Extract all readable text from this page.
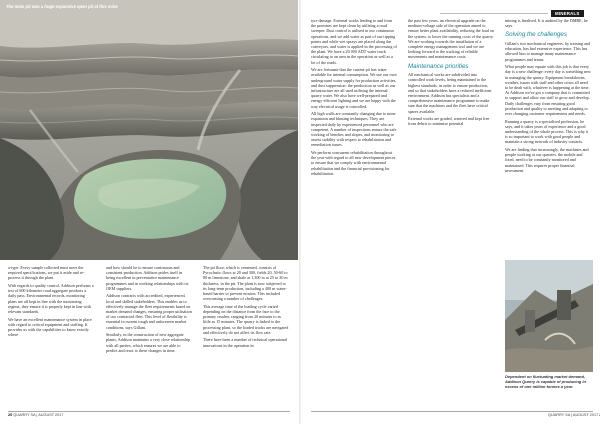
The mine pit was a huge expansive open pit at this mine

a-type. Every sample collected must meet the required specifications, we put it aside and re-process it through the plant.

With regards to quality control, Addison performs a test of 600 kilometre road aggregate products a daily pass. Environmental records, monitoring plans are all kept in line with the monitoring regime, they ensure it is properly kept in line with relevant standards.

We have an excellent maintenance system in place with regard to critical equipment and staffing. It provides us with the capabilities to know exactly where

and how should be to ensure continuous and consistent production. Addison prides itself in being excellent in preventative maintenance programmes and in working relationships with its OEM suppliers.

Addison contracts with accredited, experienced, local and skilled stakeholders. This enables us to effectively manage the fleet requirements based on market demand changes, ensuring proper utilisation of our contracted fleet. This level of flexibility is essential in current tough and unforeseen market conditions, says Gillam.

Similarly, in the construction of new aggregate plants, Addison maintains a very close relationship with all parties, which ensures we are able to predict and react to these changes in time.

The pit floor, which is cemented, consists of Pyroclastic flows at 20 and 300, fields 20, 50-60 to 80 m limestone, and shale at 1,300 m at 25 to 30 m thickness, in the pit. The plant is now subjected to its long-term production, including a 400 m water-based barrier to prevent erosion. This included overcoming a number of challenges.

This average time of the loading cycle varied depending on the distance from the face to the primary crusher, ranging from 20 minutes to as little as 15 minutes. The quarry is linked to the processing plant, so the loaded trucks are navigated and effectively do not affect its flow rate.

There have been a number of technical operational innovations in the operation in

20 QUARRY SA | AUGUST 2017
MINERALS

tyre damage. External works leading to and from the premises are kept clean by utilising a road sweeper. Dust control is utilised in our continuous operations, and we add water as part of our tipping points and while wet sprays are placed along the conveyors, and water is applied in the processing of the plant. We have a 20 000 ADT water truck circulating to an area in the operation as well as a lot of the roads.

We are fortunate that the current pit has water available for internal consumption. We use our own underground water supply for production activities, and dust suppression: the production as well as our infrastructure are all used utilising the internal quarry water. We also have well-prepared and energy-efficient lighting and we are happy with the way electrical usage is controlled.

All high walls are constantly changing due to mine expansion and blasting techniques. They are inspected daily by experienced personnel who are competent. A number of inspections ensure the safe working of benches and slopes, and monitoring to assess stability with respect to rehabilitation and remediation issues.

We perform concurrent rehabilitation throughout the year with regard to all new development pieces to ensure that we comply with environmental rehabilitation and the financial provisioning for rehabilitation.

the past few years, an electrical upgrade on the medium-voltage side of the operation aimed to ensure better plant availability, reducing the load on the system, to lower the running costs of the quarry. We are working towards the installation of a complete energy management tool and we are looking forward to the tracking of reliable movements and maintenance costs.

Maintenance priorities

All mechanical works are subdivided into controlled work levels, being maintained to the highest standards, in order to ensure production, and so that stakeholders have a reduced inefficient environment. Addison has specialists and a comprehensive maintenance programme to make sure that the machines and the fleet have critical spares available.

External works are graded, watered and kept free from debris to minimise potential

mining is finalised. It is audited by the DMRE, he says.

Solving the challenges

Gillam's two mechanical engineers, by training and education, has had extensive experience. This has allowed him to manage many maintenance programmes and teams.

What people may equate with this job is that every day is a new challenge: every day is something new in managing the quarry. Equipment breakdowns, weather, issues with staff and other crises all need to be dealt with, whatever is happening at the time. At Addison we've got a company that is committed to support and allow our staff to grow and develop. Daily challenges vary from ensuring good production and quality to meeting and adapting to ever changing customer requirements and needs.

Running a quarry is a specialised profession, he says, and it takes years of experience and a good understanding of the whole process. This is why it is so important to work with good people and maintain a strong network of industry contacts.

We are finding that increasingly, the machines and people working at our quarries, the mobile and fixed, need to be constantly monitored and maintained. This requires proper financial investment.

Dependent on fluctuating market demand, Addison Quarry is capable of producing in excess of one million tonnes a year.
QUARRY SA | AUGUST 2017
